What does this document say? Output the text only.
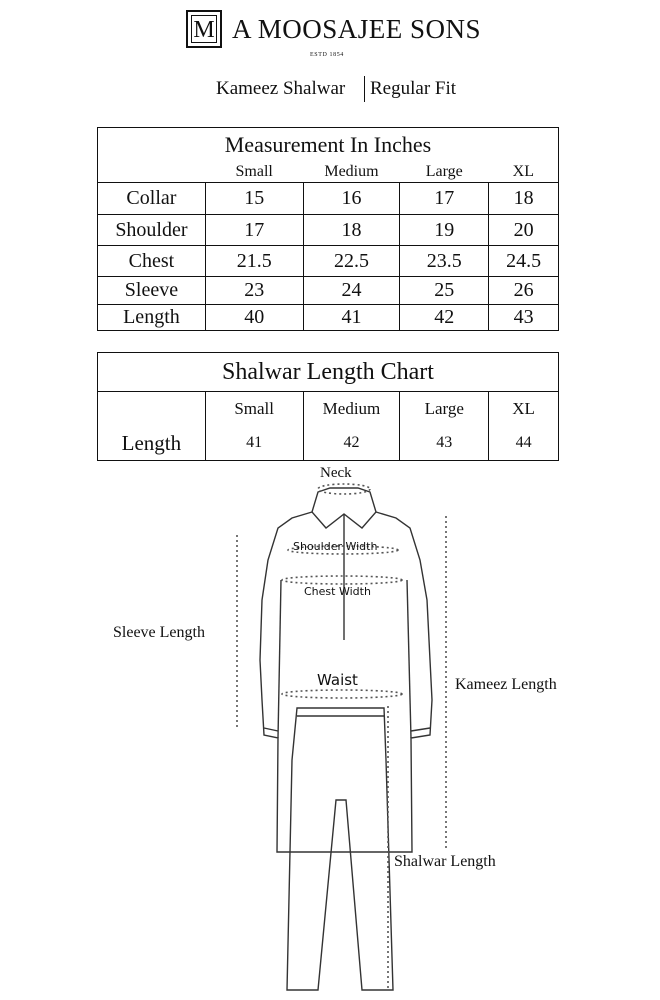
M A MOOSAJEE SONS
ESTD 1854
Kameez Shalwar Regular Fit
Measurement In Inches				
	Small	Medium	Large	XL
Collar	15	16	17	18
Shoulder	17	18	19	20
Chest	21.5	22.5	23.5	24.5
Sleeve	23	24	25	26
Length	40	41	42	43
Shalwar Length Chart				
	Small	Medium	Large	XL
Length	41	42	43	44
Neck
Shoulder Width
Chest Width
Sleeve Length
Waist	Kameez Length
Shalwar Length
